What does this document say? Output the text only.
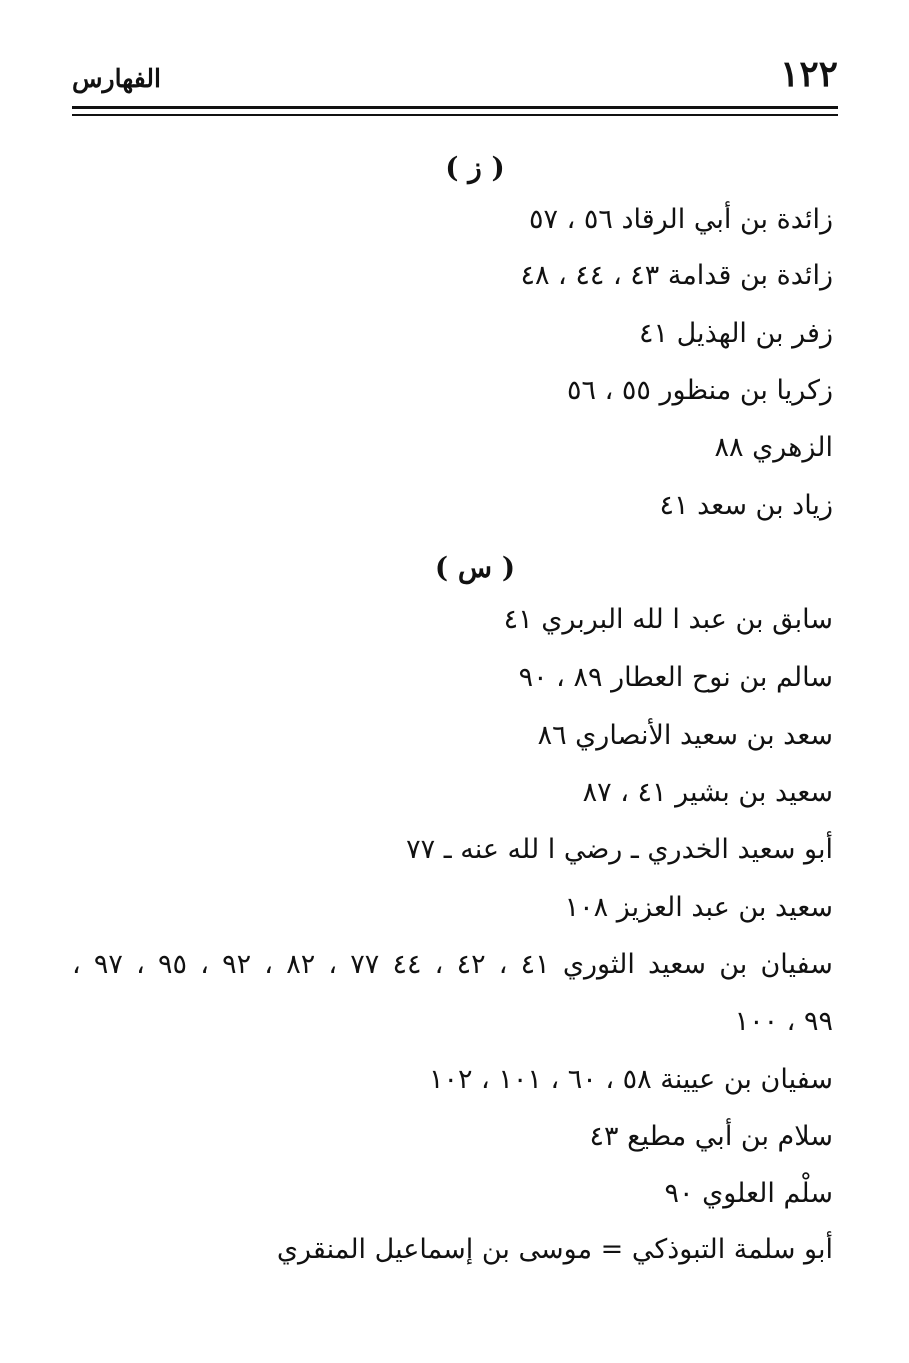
١٢٢
الفهارس
( ز )
زائدة بن أبي الرقاد ٥٦ ، ٥٧
زائدة بن قدامة ٤٣ ، ٤٤ ، ٤٨
زفر بن الهذيل ٤١
زكريا بن منظور ٥٥ ، ٥٦
الزهري ٨٨
زياد بن سعد ٤١
( س )
سابق بن عبد ا لله البربري ٤١
سالم بن نوح العطار ٨٩ ، ٩٠
سعد بن سعيد الأنصاري ٨٦
سعيد بن بشير ٤١ ، ٨٧
أبو سعيد الخدري ـ رضي ا لله عنه ـ ٧٧
سعيد بن عبد العزيز ١٠٨
سفيان بن سعيد الثوري ٤١ ، ٤٢ ، ٤٤ ٧٧ ، ٨٢ ، ٩٢ ، ٩٥ ، ٩٧ ،
٩٩ ، ١٠٠
سفيان بن عيينة ٥٨ ، ٦٠ ، ١٠١ ، ١٠٢
سلام بن أبي مطيع ٤٣
سلْم العلوي ٩٠
أبو سلمة التبوذكي = موسى بن إسماعيل المنقري
